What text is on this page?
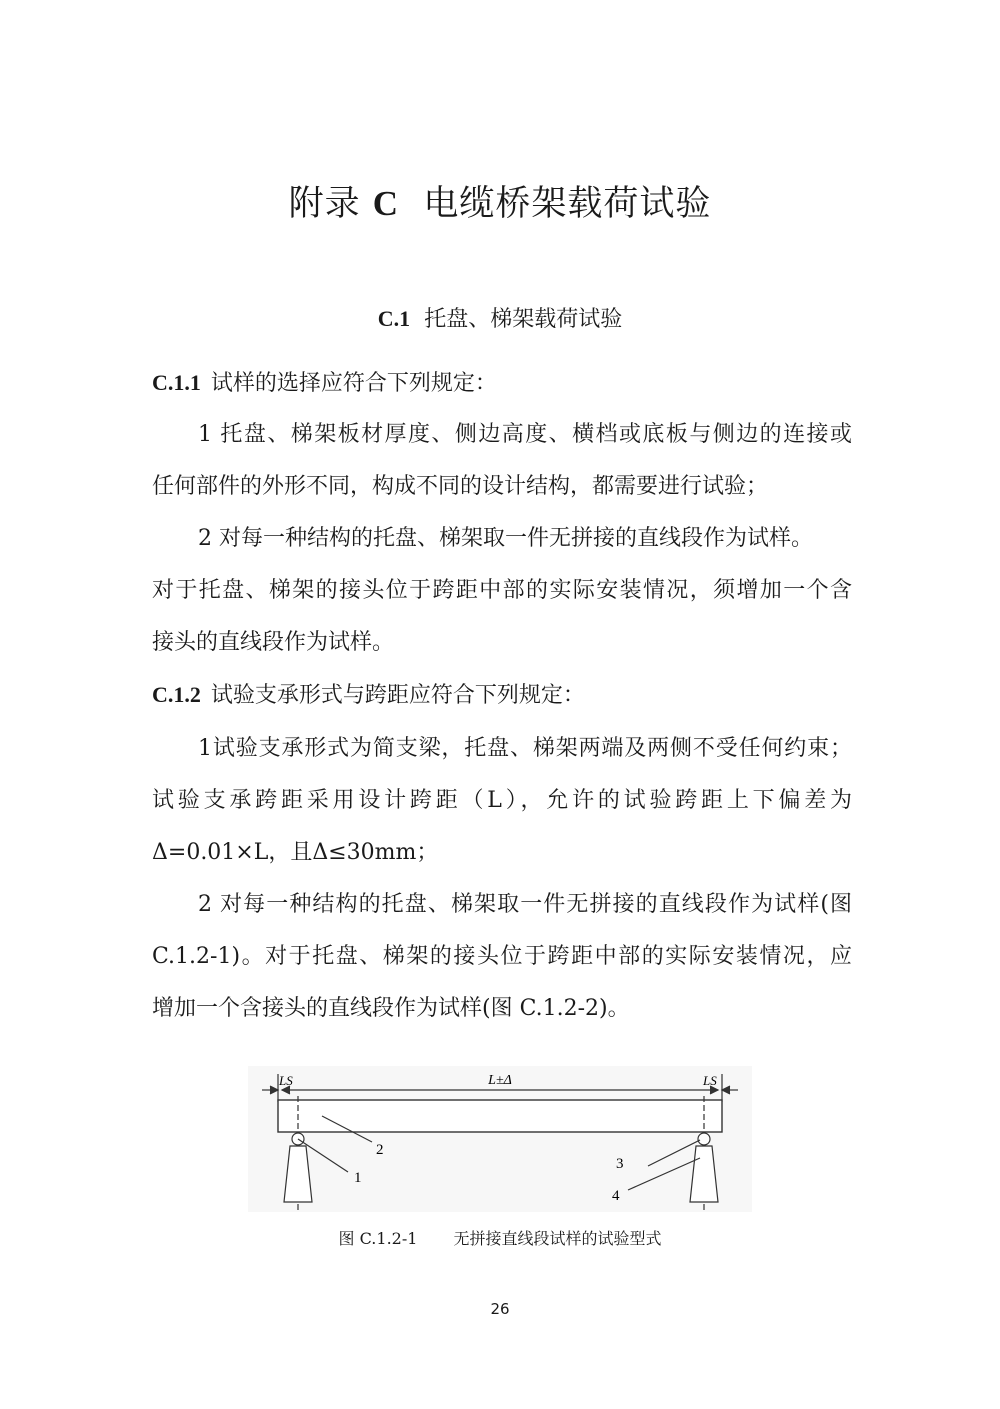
附录 C 电缆桥架载荷试验
C.1 托盘、梯架载荷试验
C.1.1 试样的选择应符合下列规定：
1 托盘、梯架板材厚度、侧边高度、横档或底板与侧边的连接或
任何部件的外形不同，构成不同的设计结构，都需要进行试验；
2 对每一种结构的托盘、梯架取一件无拼接的直线段作为试样。
对于托盘、梯架的接头位于跨距中部的实际安装情况，须增加一个含
接头的直线段作为试样。
C.1.2 试验支承形式与跨距应符合下列规定：
1试验支承形式为简支梁，托盘、梯架两端及两侧不受任何约束；
试验支承跨距采用设计跨距（L），允许的试验跨距上下偏差为
Δ=0.01×L，且Δ≤30mm；
2 对每一种结构的托盘、梯架取一件无拼接的直线段作为试样(图
C.1.2-1)。对于托盘、梯架的接头位于跨距中部的实际安装情况，应
增加一个含接头的直线段作为试样(图 C.1.2-2)。
L±Δ
LS	LS
1
2
3
4
图 C.1.2-1 无拼接直线段试样的试验型式
26
